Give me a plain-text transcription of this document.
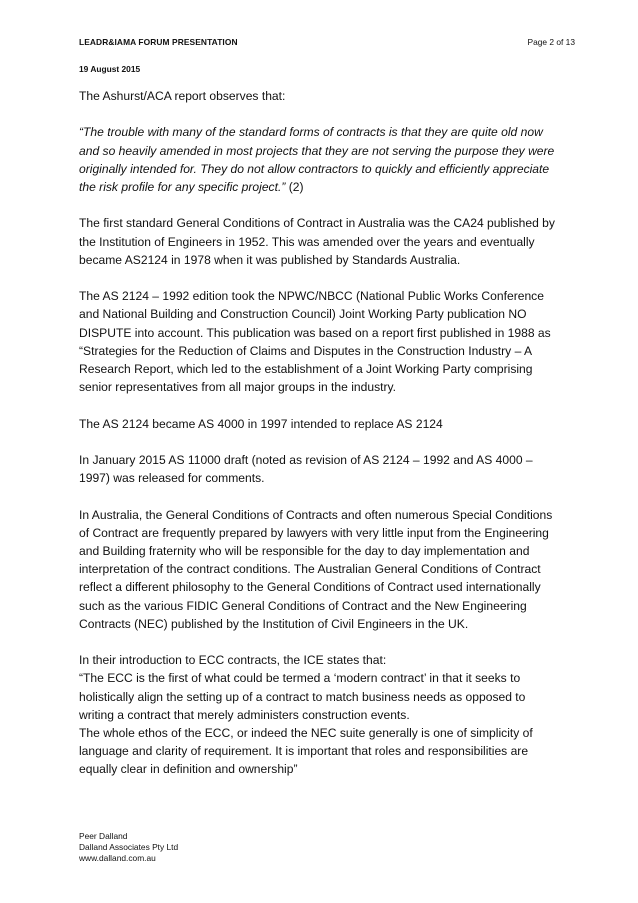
LEADR&IAMA FORUM PRESENTATION	Page 2 of 13
19 August 2015

The Ashurst/ACA report observes that:

“The trouble with many of the standard forms of contracts is that they are quite old now and so heavily amended in most projects that they are not serving the purpose they were originally intended for. They do not allow contractors to quickly and efficiently appreciate the risk profile for any specific project.” (2)

The first standard General Conditions of Contract in Australia was the CA24 published by the Institution of Engineers in 1952. This was amended over the years and eventually became AS2124 in 1978 when it was published by Standards Australia.

The AS 2124 – 1992 edition took the NPWC/NBCC (National Public Works Conference and National Building and Construction Council) Joint Working Party publication NO DISPUTE into account. This publication was based on a report first published in 1988 as “Strategies for the Reduction of Claims and Disputes in the Construction Industry – A Research Report, which led to the establishment of a Joint Working Party comprising senior representatives from all major groups in the industry.

The AS 2124 became AS 4000 in 1997 intended to replace AS 2124

In January 2015 AS 11000 draft (noted as revision of AS 2124 – 1992 and AS 4000 – 1997) was released for comments.

In Australia, the General Conditions of Contracts and often numerous Special Conditions of Contract are frequently prepared by lawyers with very little input from the Engineering and Building fraternity who will be responsible for the day to day implementation and interpretation of the contract conditions. The Australian General Conditions of Contract reflect a different philosophy to the General Conditions of Contract used internationally such as the various FIDIC General Conditions of Contract and the New Engineering Contracts (NEC) published by the Institution of Civil Engineers in the UK.

In their introduction to ECC contracts, the ICE states that:

“The ECC is the first of what could be termed a ‘modern contract’ in that it seeks to holistically align the setting up of a contract to match business needs as opposed to writing a contract that merely administers construction events.

The whole ethos of the ECC, or indeed the NEC suite generally is one of simplicity of language and clarity of requirement. It is important that roles and responsibilities are equally clear in definition and ownership”

Peer Dalland
Dalland Associates Pty Ltd
www.dalland.com.au
